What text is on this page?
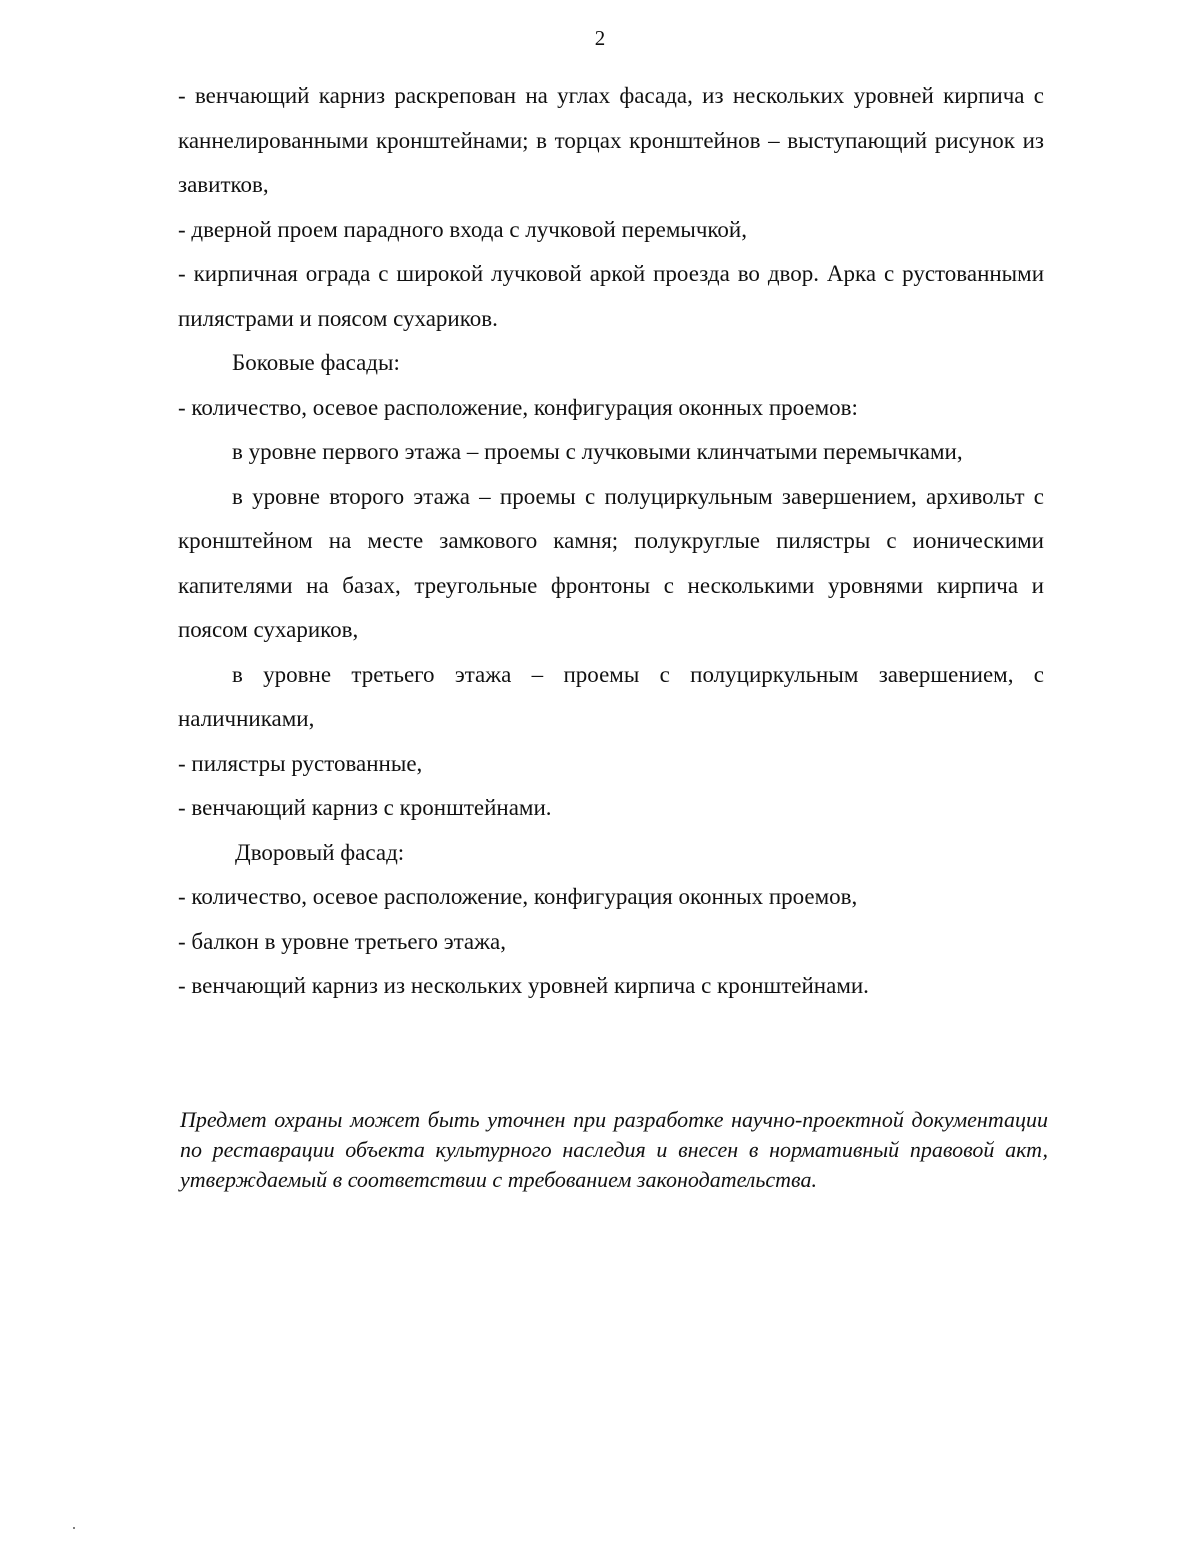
2

- венчающий карниз раскрепован на углах фасада, из нескольких уровней кирпича с каннелированными кронштейнами; в торцах кронштейнов – выступающий рисунок из завитков,

- дверной проем парадного входа с лучковой перемычкой,

- кирпичная ограда с широкой лучковой аркой проезда во двор. Арка с рустованными пилястрами и поясом сухариков.

Боковые фасады:

- количество, осевое расположение, конфигурация оконных проемов:

в уровне первого этажа – проемы с лучковыми клинчатыми перемычками,

в уровне второго этажа – проемы с полуциркульным завершением, архивольт с кронштейном на месте замкового камня; полукруглые пилястры с ионическими капителями на базах, треугольные фронтоны с несколькими уровнями кирпича и поясом сухариков,

в уровне третьего этажа – проемы с полуциркульным завершением, с наличниками,

- пилястры рустованные,

- венчающий карниз с кронштейнами.

Дворовый фасад:

- количество, осевое расположение, конфигурация оконных проемов,

- балкон в уровне третьего этажа,

- венчающий карниз из нескольких уровней кирпича с кронштейнами.

Предмет охраны может быть уточнен при разработке научно-проектной документации по реставрации объекта культурного наследия и внесен в нормативный правовой акт, утверждаемый в соответствии с требованием законодательства.
